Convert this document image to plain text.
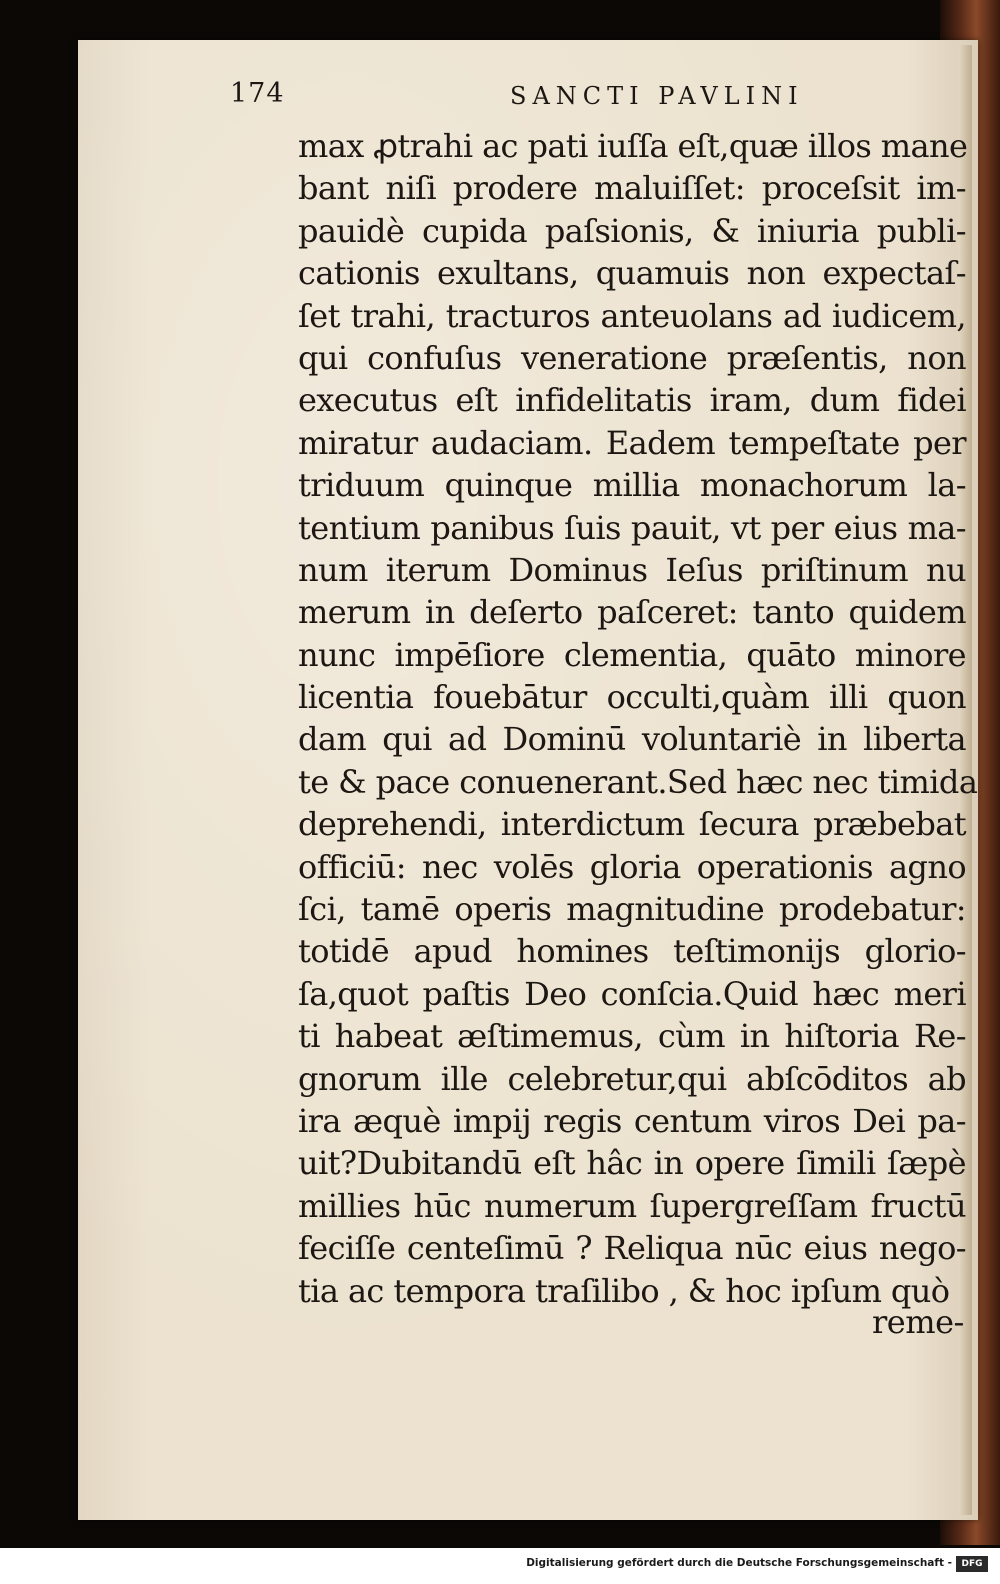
174	SANCTI PAVLINI
max ꝓtrahi ac pati iuſſa eſt,quæ illos mane
bant niſi prodere maluiſſet: proceſsit im-
pauidè cupida paſsionis, & iniuria publi-
cationis exultans, quamuis non expectaſ-
ſet trahi, tracturos anteuolans ad iudicem,
qui confuſus veneratione præſentis, non
executus eſt infidelitatis iram, dum fidei
miratur audaciam. Eadem tempeſtate per
triduum quinque millia monachorum la-
tentium panibus ſuis pauit, vt per eius ma-
num iterum Dominus Ieſus priſtinum nu
merum in deſerto paſceret: tanto quidem
nunc impēſiore clementia, quāto minore
licentia fouebātur occulti,quàm illi quon
dam qui ad Dominū voluntariè in liberta
te & pace conuenerant.Sed hæc nec timida
deprehendi, interdictum ſecura præbebat
officiū: nec volēs gloria operationis agno
ſci, tamē operis magnitudine prodebatur:
totidē apud homines teſtimonijs glorio-
ſa,quot paſtis Deo conſcia.Quid hæc meri
ti habeat æſtimemus, cùm in hiſtoria Re-
gnorum ille celebretur,qui abſcōditos ab
ira æquè impij regis centum viros Dei pa-
uit?Dubitandū eſt hâc in opere ſimili ſæpè
millies hūc numerum ſupergreſſam fructū
feciſſe centeſimū ? Reliqua nūc eius nego-
tia ac tempora traſilibo , & hoc ipſum quò
reme-
Digitalisierung gefördert durch die Deutsche Forschungsgemeinschaft -	DFG
